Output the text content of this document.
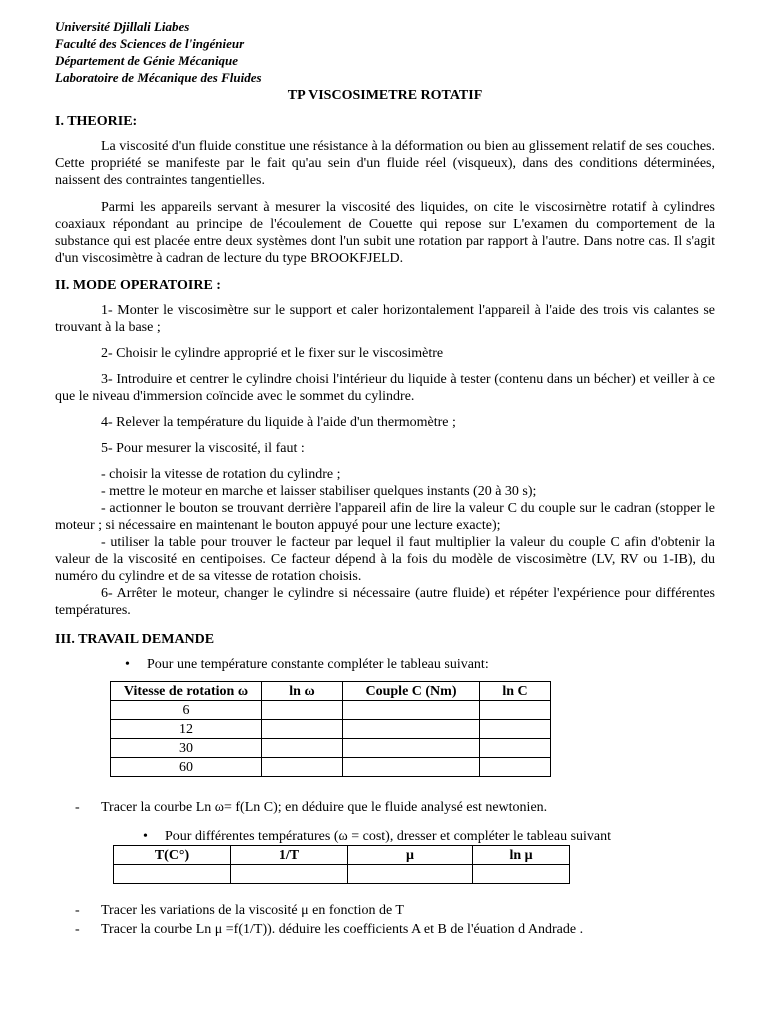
Université Djillali Liabes
Faculté des Sciences de l'ingénieur
Département de Génie Mécanique
Laboratoire de Mécanique des Fluides
TP VISCOSIMETRE ROTATIF
I. THEORIE:

La viscosité d'un fluide constitue une résistance à la déformation ou bien au glissement relatif de ses couches. Cette propriété se manifeste par le fait qu'au sein d'un fluide réel (visqueux), dans des conditions déterminées, naissent des contraintes tangentielles.

Parmi les appareils servant à mesurer la viscosité des liquides, on cite le viscosirnètre rotatif à cylindres coaxiaux répondant au principe de l'écoulement de Couette qui repose sur L'examen du comportement de la substance qui est placée entre deux systèmes dont l'un subit une rotation par rapport à l'autre. Dans notre cas. Il s'agit d'un viscosimètre à cadran de lecture du type BROOKFJELD.

II. MODE OPERATOIRE :

1- Monter le viscosimètre sur le support et caler horizontalement l'appareil à l'aide des trois vis calantes se trouvant à la base ;

2- Choisir le cylindre approprié et le fixer sur le viscosimètre

3- Introduire et centrer le cylindre choisi l'intérieur du liquide à tester (contenu dans un bécher) et veiller à ce que le niveau d'immersion coïncide avec le sommet du cylindre.

4- Relever la température du liquide à l'aide d'un thermomètre ;

5- Pour mesurer la viscosité, il faut :

- choisir la vitesse de rotation du cylindre ;

- mettre le moteur en marche et laisser stabiliser quelques instants (20 à 30 s);

- actionner le bouton se trouvant derrière l'appareil afin de lire la valeur C du couple sur le cadran (stopper le moteur ; si nécessaire en maintenant le bouton appuyé pour une lecture exacte);

- utiliser la table pour trouver le facteur par lequel il faut multiplier la valeur du couple C afin d'obtenir la valeur de la viscosité en centipoises. Ce facteur dépend à la fois du modèle de viscosimètre (LV, RV ou 1-IB), du numéro du cylindre et de sa vitesse de rotation choisis.

6- Arrêter le moteur, changer le cylindre si nécessaire (autre fluide) et répéter l'expérience pour différentes températures.

III. TRAVAIL DEMANDE
• Pour une température constante compléter le tableau suivant:
Vitesse de rotation ω	ln ω	Couple C (Nm)	ln C
6			
12			
30			
60			

- Tracer la courbe Ln ω= f(Ln C); en déduire que le fluide analysé est newtonien.

• Pour différentes températures (ω = cost), dresser et compléter le tableau suivant
T(C°)	1/T	μ	ln μ

- Tracer les variations de la viscosité μ en fonction de T

- Tracer la courbe Ln μ =f(1/T)). déduire les coefficients A et B de l'éuation d Andrade .
